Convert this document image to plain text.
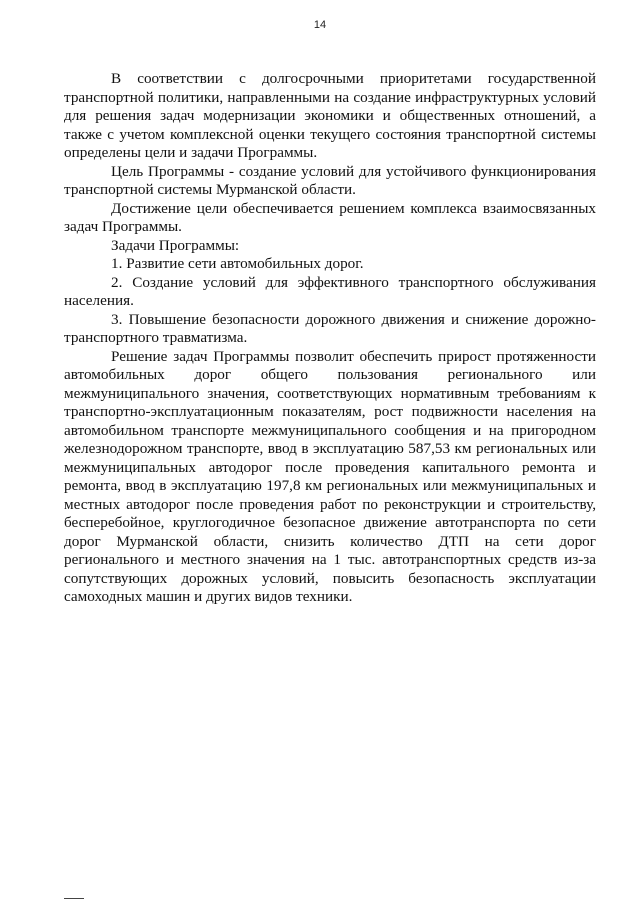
14

В соответствии с долгосрочными приоритетами государственной транспортной политики, направленными на создание инфраструктурных условий для решения задач модернизации экономики и общественных отношений, а также с учетом комплексной оценки текущего состояния транспортной системы определены цели и задачи Программы.

Цель Программы - создание условий для устойчивого функционирования транспортной системы Мурманской области.

Достижение цели обеспечивается решением комплекса взаимосвязанных задач Программы.

Задачи Программы:

1. Развитие сети автомобильных дорог.

2. Создание условий для эффективного транспортного обслуживания населения.

3. Повышение безопасности дорожного движения и снижение дорожно-транспортного травматизма.

Решение задач Программы позволит обеспечить прирост протяженности автомобильных дорог общего пользования регионального или межмуниципального значения, соответствующих нормативным требованиям к транспортно-эксплуатационным показателям, рост подвижности населения на автомобильном транспорте межмуниципального сообщения и на пригородном железнодорожном транспорте, ввод в эксплуатацию 587,53 км региональных или межмуниципальных автодорог после проведения капитального ремонта и ремонта, ввод в эксплуатацию 197,8 км региональных или межмуниципальных и местных автодорог после проведения работ по реконструкции и строительству, бесперебойное, круглогодичное безопасное движение автотранспорта по сети дорог Мурманской области, снизить количество ДТП на сети дорог регионального и местного значения на 1 тыс. автотранспортных средств из-за сопутствующих дорожных условий, повысить безопасность эксплуатации самоходных машин и других видов техники.
